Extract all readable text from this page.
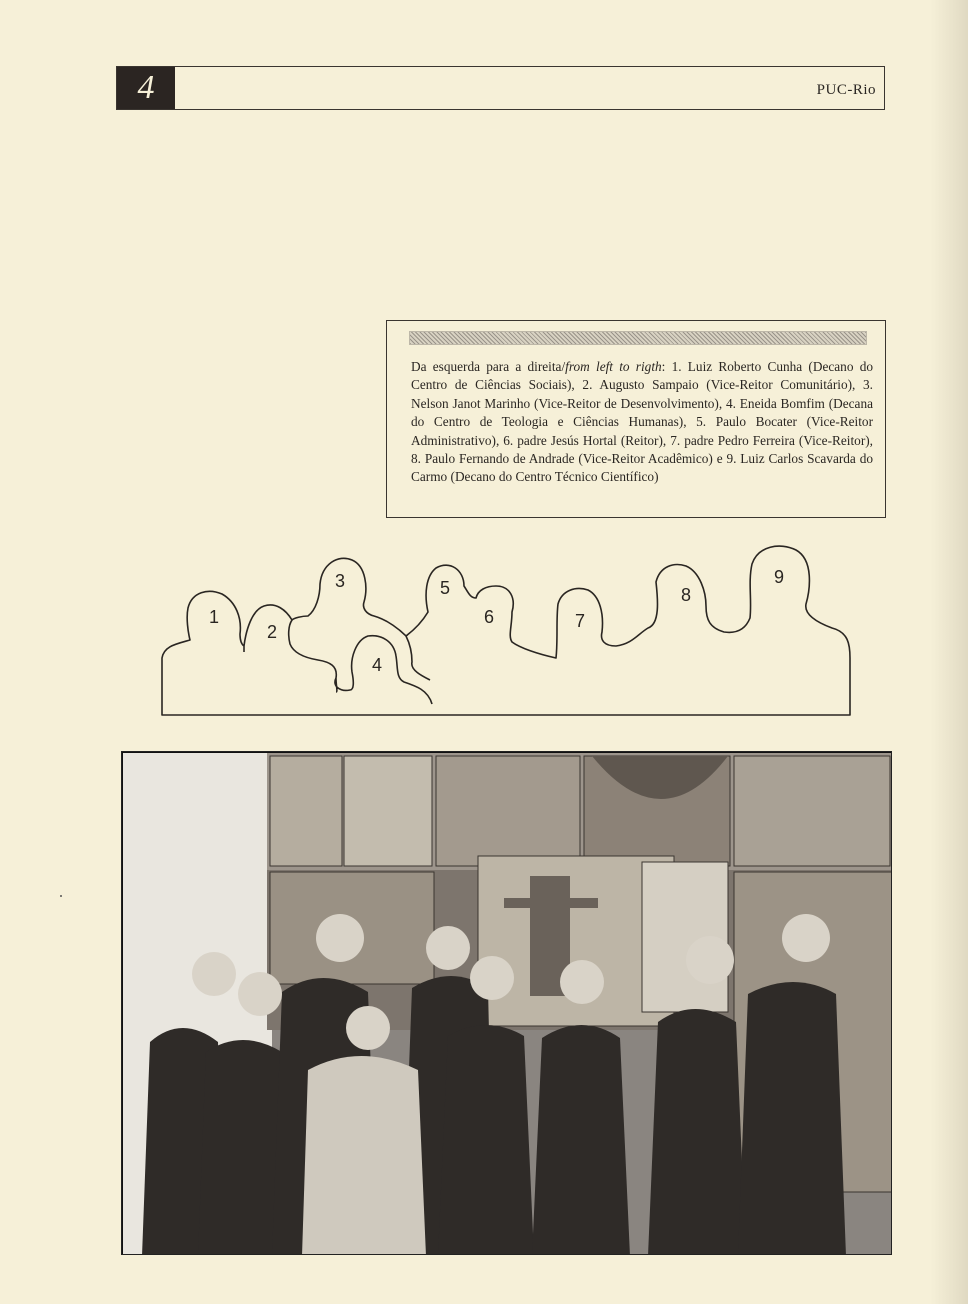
4	PUC-Rio

Da esquerda para a direita/from left to rigth: 1. Luiz Roberto Cunha (Decano do Centro de Ciências Sociais), 2. Augusto Sampaio (Vice-Reitor Comunitário), 3. Nelson Janot Marinho (Vice-Reitor de Desenvolvimento), 4. Eneida Bomfim (Decana do Centro de Teologia e Ciências Humanas), 5. Paulo Bocater (Vice-Reitor Administrativo), 6. padre Jesús Hortal (Reitor), 7. padre Pedro Ferreira (Vice-Reitor), 8. Paulo Fernando de Andrade (Vice-Reitor Acadêmico) e 9. Luiz Carlos Scavarda do Carmo (Decano do Centro Técnico Científico)

1
2
3
4
5
6	7
8
9
